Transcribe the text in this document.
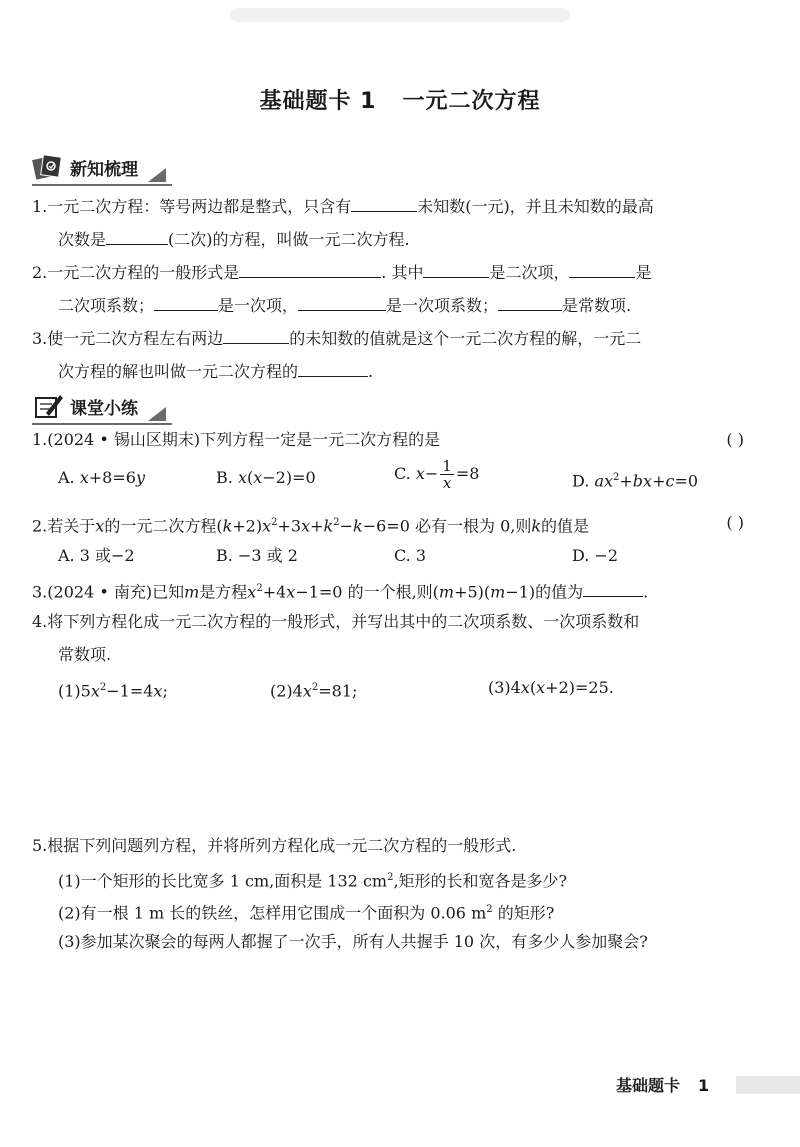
基础题卡 1 一元二次方程
新知梳理
1.一元二次方程：等号两边都是整式，只含有	未知数(一元)，并且未知数的最高
次数是	(二次)的方程，叫做一元二次方程.
2.一元二次方程的一般形式是	. 其中	是二次项，	是
二次项系数；	是一次项，	是一次项系数；	是常数项.
3.使一元二次方程左右两边	的未知数的值就是这个一元二次方程的解，一元二
次方程的解也叫做一元二次方程的	.
课堂小练
1.(2024 • 锡山区期末)下列方程一定是一元二次方程的是	( )
A. x+8=6y	B. x(x−2)=0	C. $x- \frac{1}{x} =8$	D. $ax^2+bx+c=0$
2.若关于x的一元二次方程$(k+2)x^2+3x+k^2-k-6=0$ 必有一根为 0,则k的值是	( )
A. 3 或−2	B. −3 或 2	C. 3	D. −2
3.(2024 • 南充)已知m是方程$x^2+4x-1=0$ 的一个根,则(m+5)(m−1)的值为	.
4.将下列方程化成一元二次方程的一般形式，并写出其中的二次项系数、一次项系数和
常数项.
$(1)5x^2-1=4x$;	$(2)4x^2=81$;	(3)4x(x+2)=25.
5.根据下列问题列方程，并将所列方程化成一元二次方程的一般形式.
(1)一个矩形的长比宽多 1 cm,面积是 132 $cm^2$,矩形的长和宽各是多少?
(2)有一根 1 m 长的铁丝，怎样用它围成一个面积为 0.06 $m^2$ 的矩形?
(3)参加某次聚会的每两人都握了一次手，所有人共握手 10 次，有多少人参加聚会?
基础题卡 1
